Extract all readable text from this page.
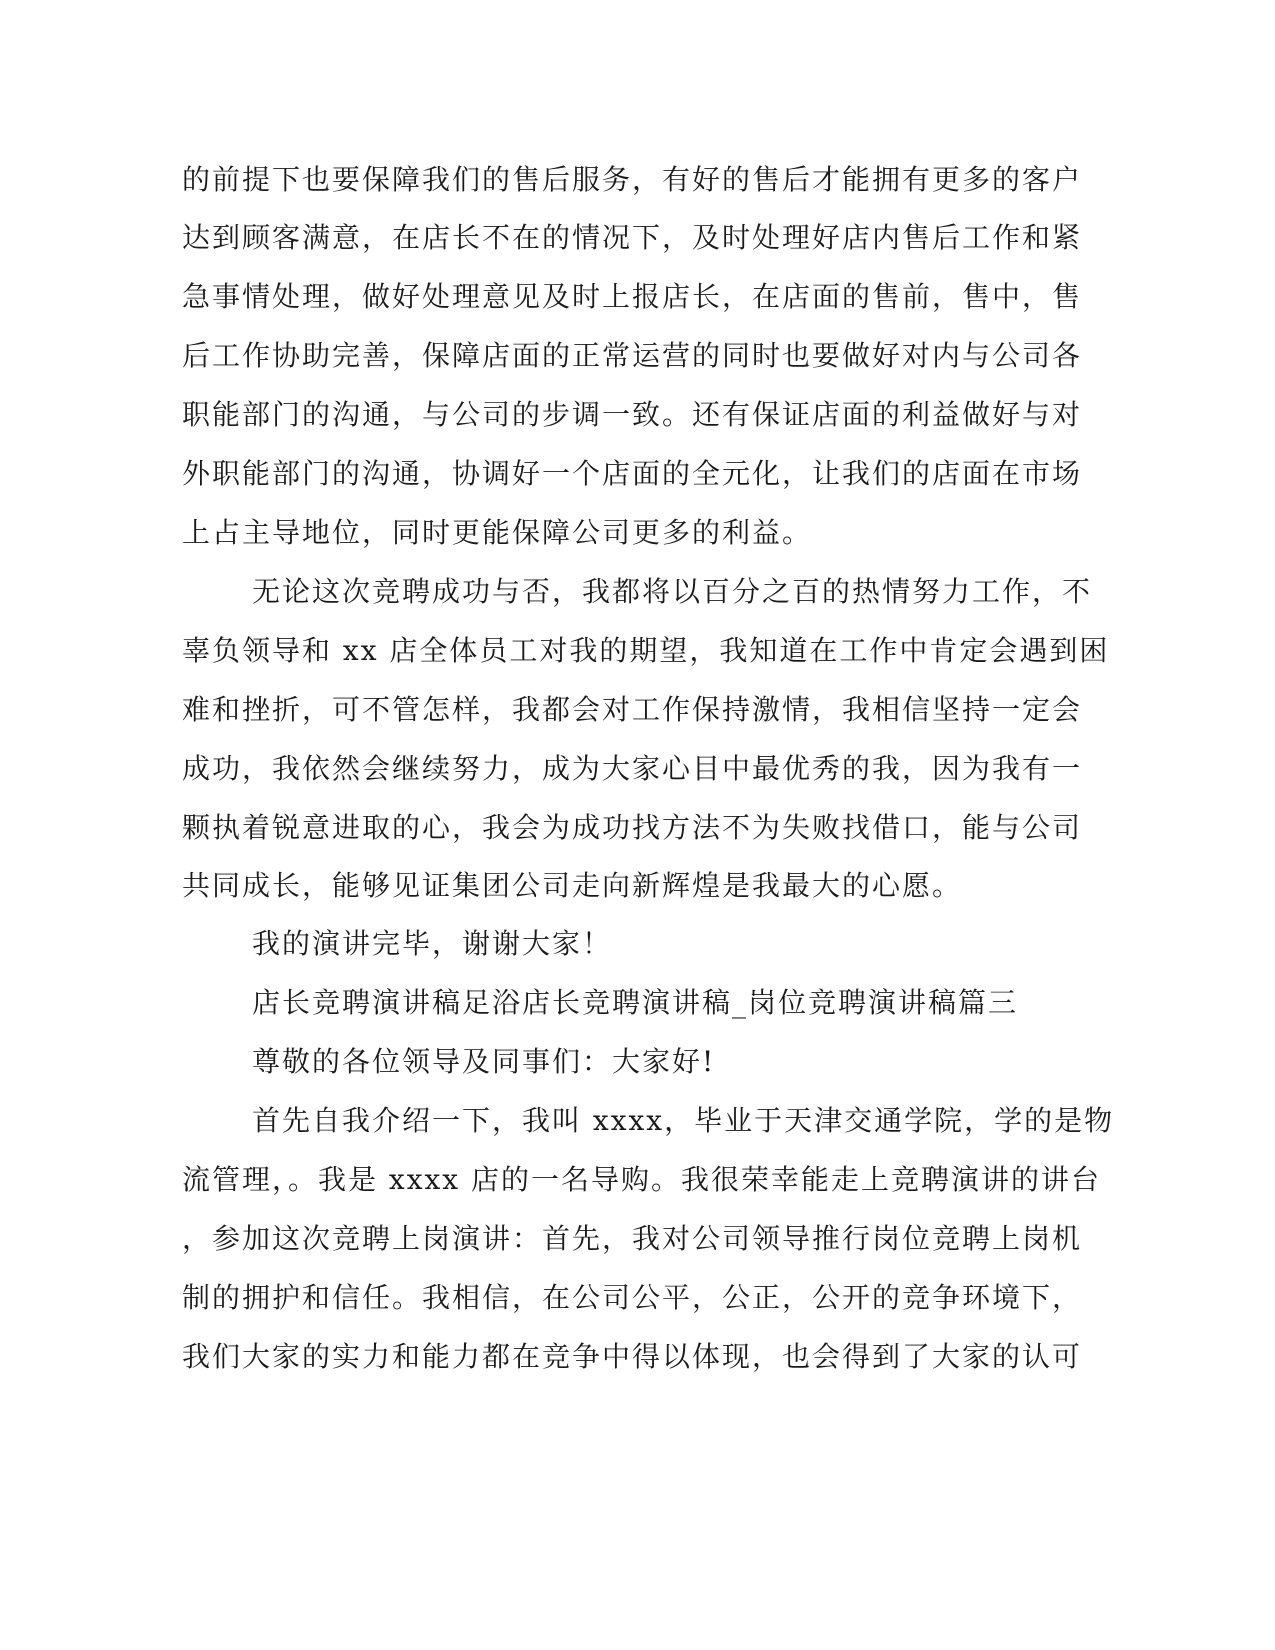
的前提下也要保障我们的售后服务，有好的售后才能拥有更多的客户
达到顾客满意，在店长不在的情况下，及时处理好店内售后工作和紧
急事情处理，做好处理意见及时上报店长，在店面的售前，售中，售
后工作协助完善，保障店面的正常运营的同时也要做好对内与公司各
职能部门的沟通，与公司的步调一致。还有保证店面的利益做好与对
外职能部门的沟通，协调好一个店面的全元化，让我们的店面在市场
上占主导地位，同时更能保障公司更多的利益。
无论这次竞聘成功与否，我都将以百分之百的热情努力工作，不
辜负领导和 xx 店全体员工对我的期望，我知道在工作中肯定会遇到困
难和挫折，可不管怎样，我都会对工作保持激情，我相信坚持一定会
成功，我依然会继续努力，成为大家心目中最优秀的我，因为我有一
颗执着锐意进取的心，我会为成功找方法不为失败找借口，能与公司
共同成长，能够见证集团公司走向新辉煌是我最大的心愿。
我的演讲完毕，谢谢大家！
店长竞聘演讲稿足浴店长竞聘演讲稿_岗位竞聘演讲稿篇三
尊敬的各位领导及同事们：大家好!
首先自我介绍一下，我叫 xxxx，毕业于天津交通学院，学的是物
流管理，。我是 xxxx 店的一名导购。我很荣幸能走上竞聘演讲的讲台
，参加这次竞聘上岗演讲：首先，我对公司领导推行岗位竞聘上岗机
制的拥护和信任。我相信，在公司公平，公正，公开的竞争环境下，
我们大家的实力和能力都在竞争中得以体现，也会得到了大家的认可
